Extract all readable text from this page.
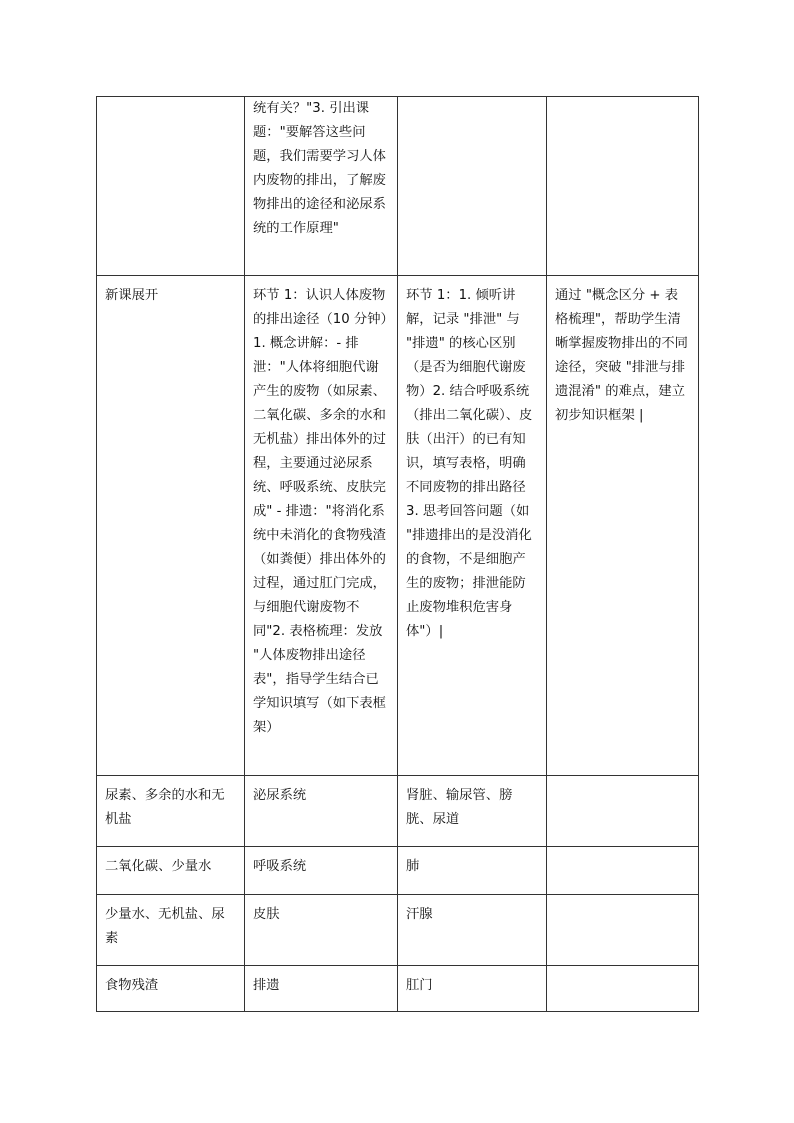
	统有关？"3. 引出课题："要解答这些问题，我们需要学习人体内废物的排出，了解废物排出的途径和泌尿系统的工作原理"		
新课展开	环节 1：认识人体废物的排出途径（10 分钟）1. 概念讲解：- 排泄："人体将细胞代谢产生的废物（如尿素、二氧化碳、多余的水和无机盐）排出体外的过程，主要通过泌尿系统、呼吸系统、皮肤完成" - 排遗："将消化系统中未消化的食物残渣（如粪便）排出体外的过程，通过肛门完成，与细胞代谢废物不同"2. 表格梳理：发放 "人体废物排出途径表"，指导学生结合已学知识填写（如下表框架）	环节 1：1. 倾听讲解，记录 "排泄" 与 "排遗" 的核心区别（是否为细胞代谢废物）2. 结合呼吸系统（排出二氧化碳）、皮肤（出汗）的已有知识，填写表格，明确不同废物的排出路径 3. 思考回答问题（如 "排遗排出的是没消化的食物，不是细胞产生的废物；排泄能防止废物堆积危害身体"）|	通过 "概念区分 + 表格梳理"，帮助学生清晰掌握废物排出的不同途径，突破 "排泄与排遗混淆" 的难点，建立初步知识框架 |
尿素、多余的水和无机盐	泌尿系统	肾脏、输尿管、膀胱、尿道	
二氧化碳、少量水	呼吸系统	肺	
少量水、无机盐、尿素	皮肤	汗腺	
食物残渣	排遗	肛门	
